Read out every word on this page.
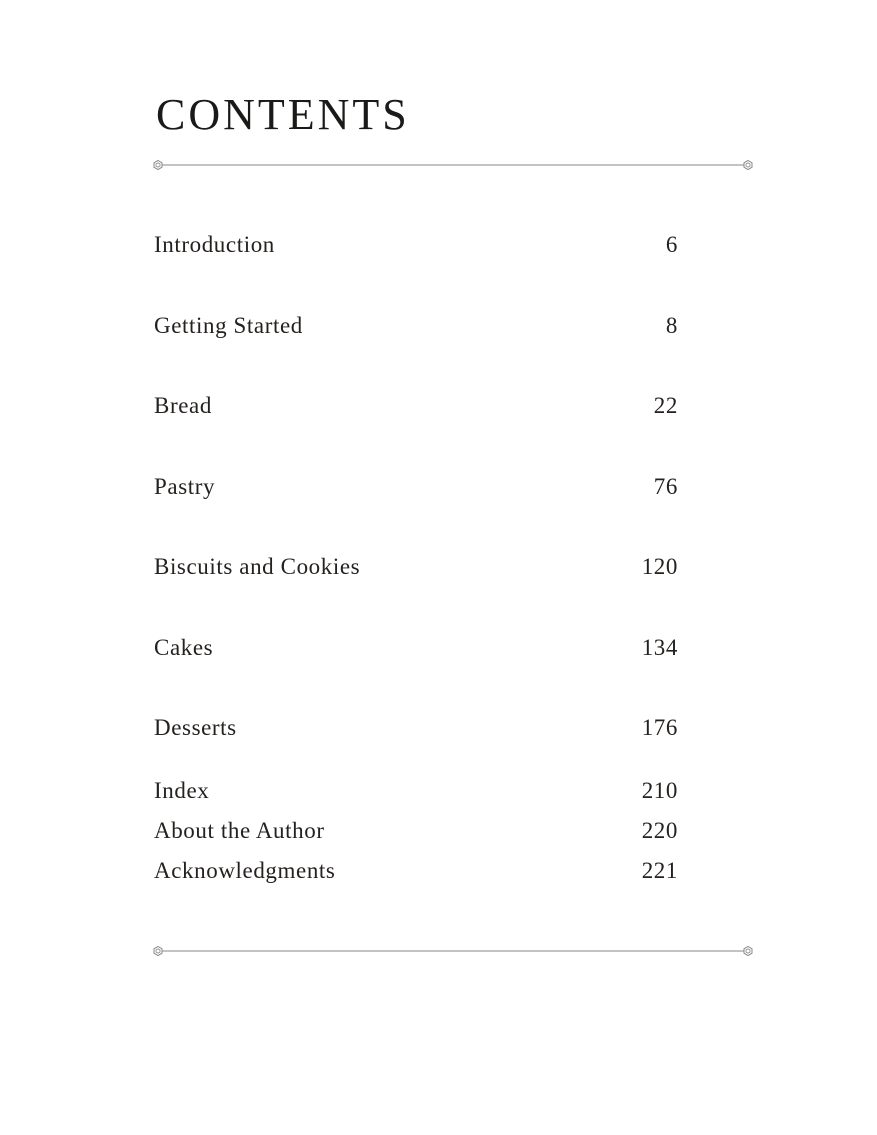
CONTENTS
Introduction	6
Getting Started	8
Bread	22
Pastry	76
Biscuits and Cookies	120
Cakes	134
Desserts	176
Index	210
About the Author	220
Acknowledgments	221
